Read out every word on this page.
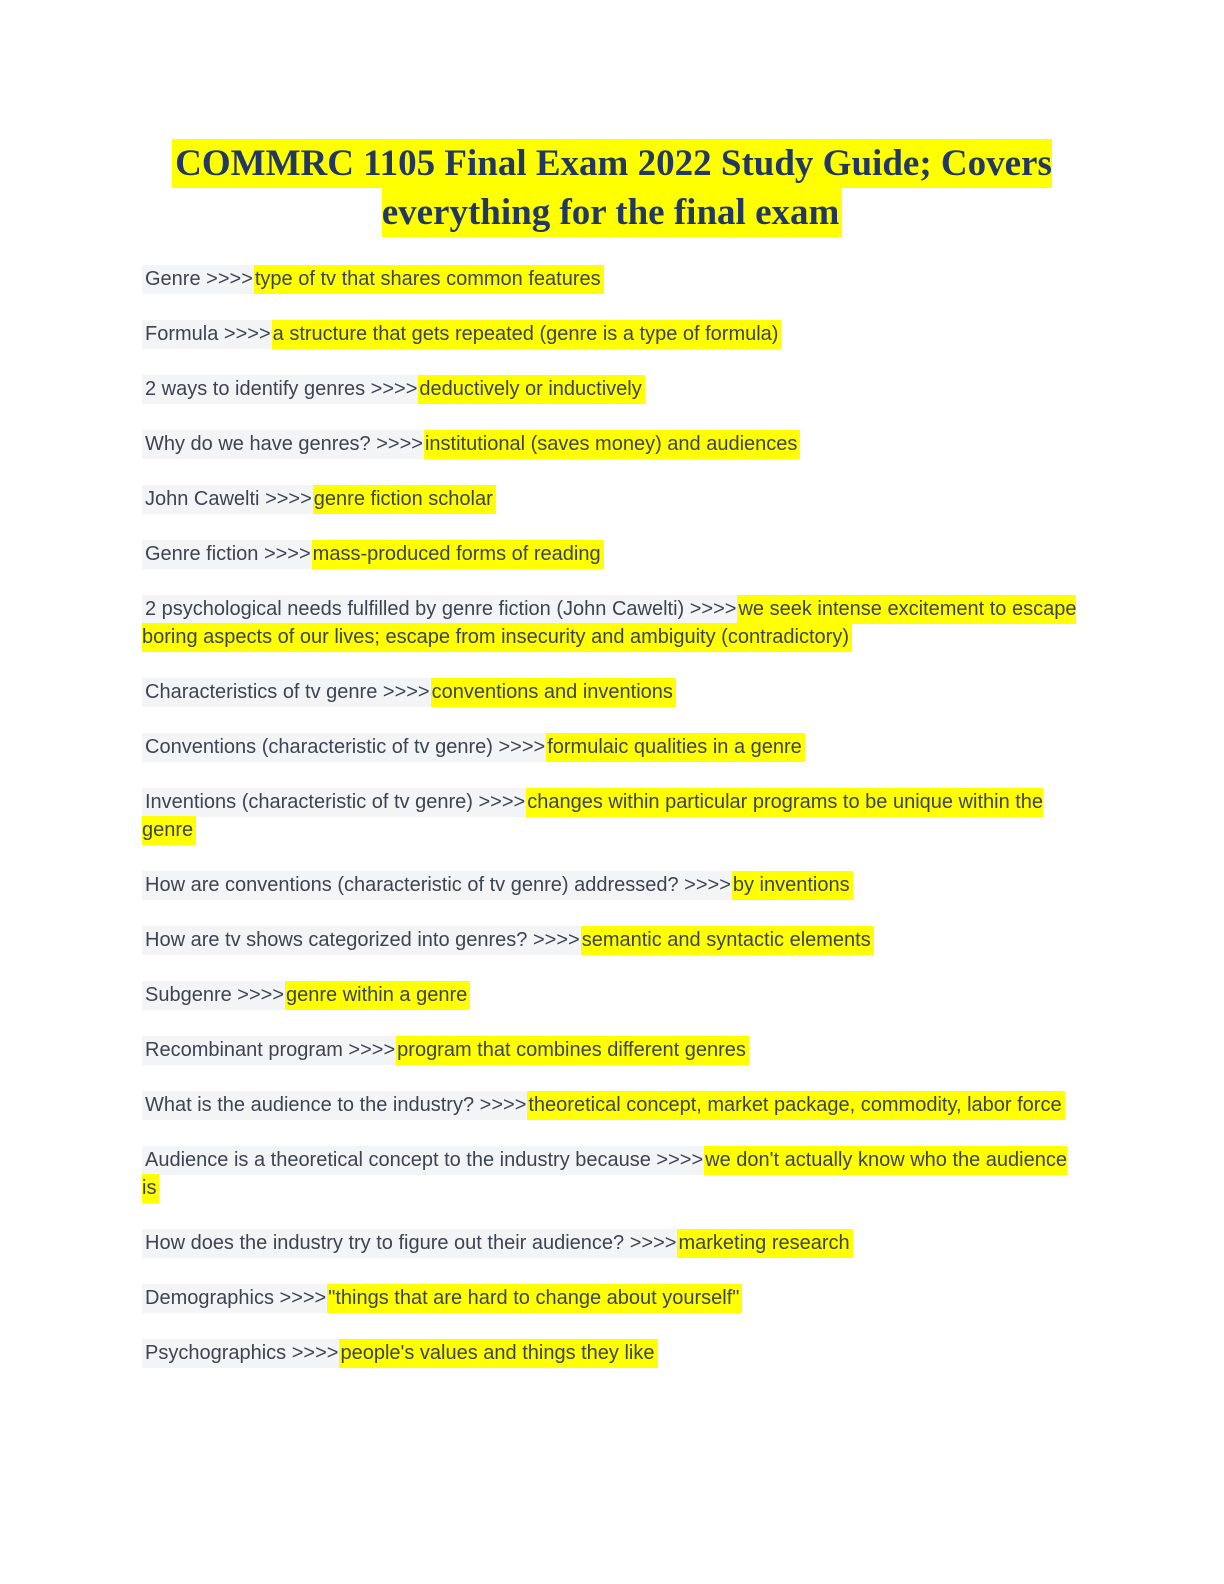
COMMRC 1105 Final Exam 2022 Study Guide; Covers everything for the final exam

Genre >>>> type of tv that shares common features

Formula >>>> a structure that gets repeated (genre is a type of formula)

2 ways to identify genres >>>> deductively or inductively

Why do we have genres? >>>> institutional (saves money) and audiences

John Cawelti >>>> genre fiction scholar

Genre fiction >>>> mass-produced forms of reading

2 psychological needs fulfilled by genre fiction (John Cawelti) >>>> we seek intense excitement to escape boring aspects of our lives; escape from insecurity and ambiguity (contradictory)

Characteristics of tv genre >>>> conventions and inventions

Conventions (characteristic of tv genre) >>>> formulaic qualities in a genre

Inventions (characteristic of tv genre) >>>> changes within particular programs to be unique within the genre

How are conventions (characteristic of tv genre) addressed? >>>> by inventions

How are tv shows categorized into genres? >>>> semantic and syntactic elements

Subgenre >>>> genre within a genre

Recombinant program >>>> program that combines different genres

What is the audience to the industry? >>>> theoretical concept, market package, commodity, labor force

Audience is a theoretical concept to the industry because >>>> we don't actually know who the audience is

How does the industry try to figure out their audience? >>>> marketing research

Demographics >>>> "things that are hard to change about yourself"

Psychographics >>>> people's values and things they like
